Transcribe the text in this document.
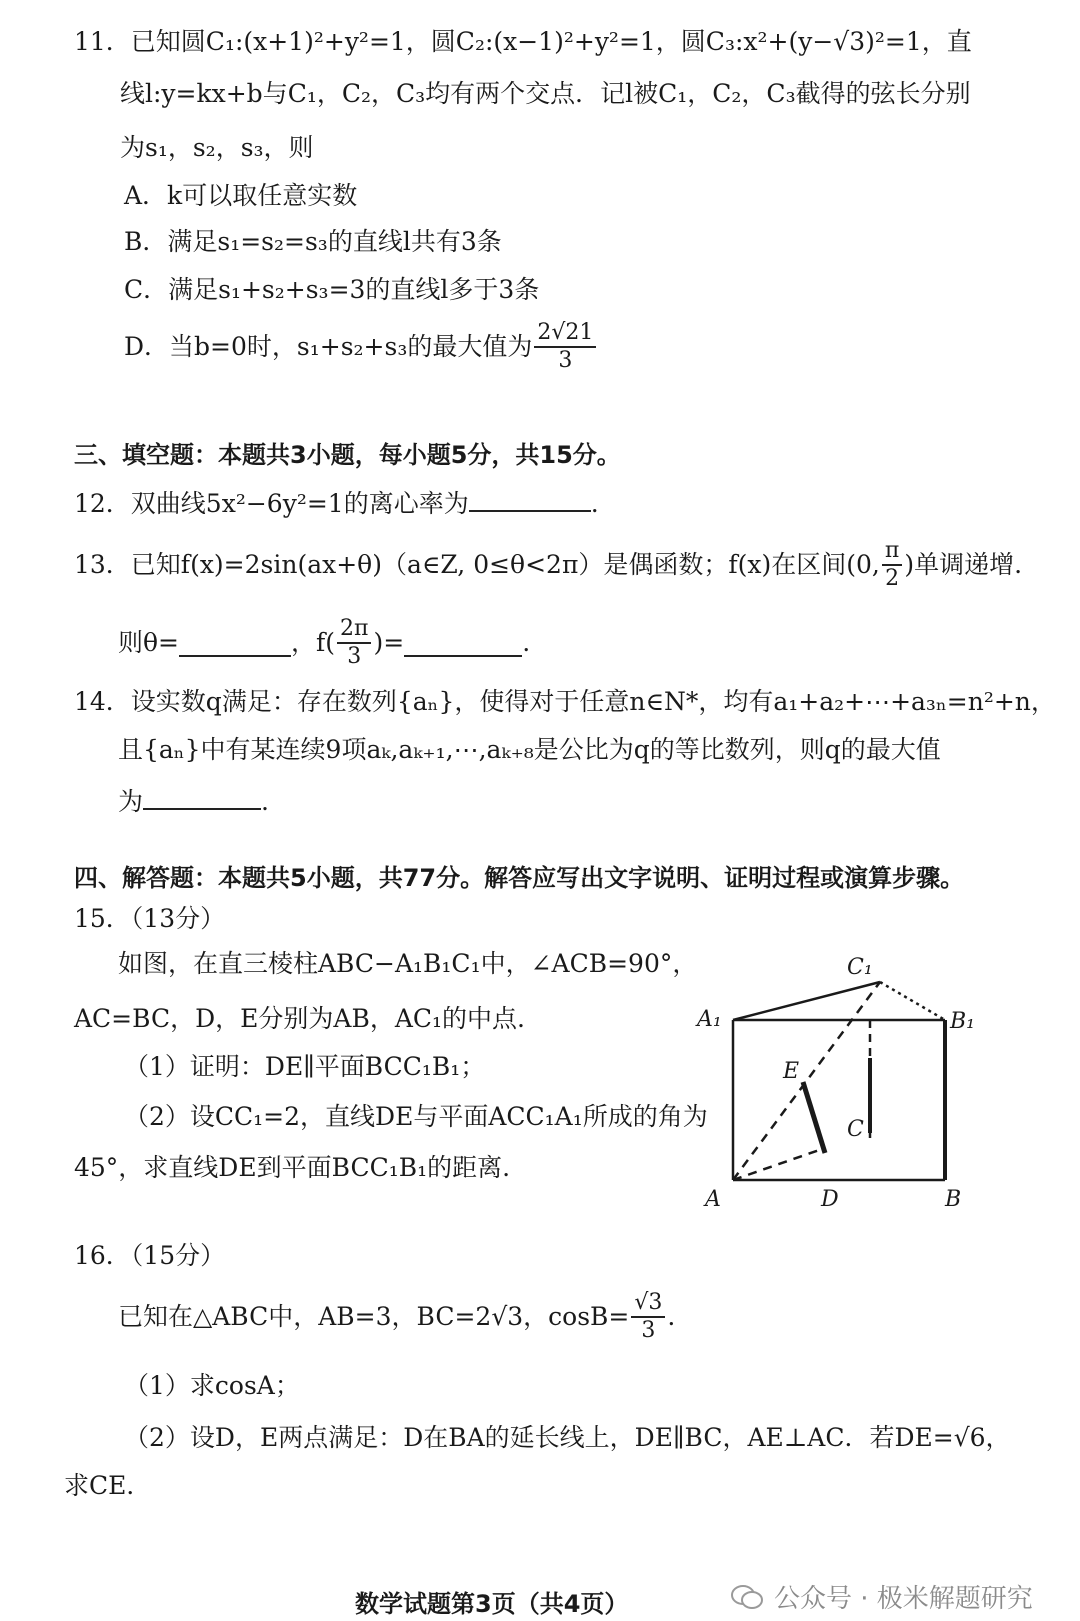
11．已知圆C₁:(x+1)²+y²=1，圆C₂:(x−1)²+y²=1，圆C₃:x²+(y−√3)²=1，直
线l:y=kx+b与C₁，C₂，C₃均有两个交点．记l被C₁，C₂，C₃截得的弦长分别
为s₁，s₂，s₃，则
A．k可以取任意实数
B．满足s₁=s₂=s₃的直线l共有3条
C．满足s₁+s₂+s₃=3的直线l多于3条
D．当b=0时，s₁+s₂+s₃的最大值为 $\frac{2√21}{3}$
三、填空题：本题共3小题，每小题5分，共15分。
12．双曲线5x²−6y²=1的离心率为	.
13．已知f(x)=2sin(ax+θ)（a∈Z, 0≤θ<2π）是偶函数；f(x)在区间(0, $\frac{\pi}{2}$ )单调递增.
则θ=	，$f( \frac{2\pi}{3}$ )=	.
14．设实数q满足：存在数列{aₙ}，使得对于任意n∈N*，均有a₁+a₂+⋯+a₃ₙ=n²+n，
且{aₙ}中有某连续9项aₖ,aₖ₊₁,⋯,aₖ₊₈是公比为q的等比数列，则q的最大值
为	.
四、解答题：本题共5小题，共77分。解答应写出文字说明、证明过程或演算步骤。
15．（13分）
如图，在直三棱柱ABC−A₁B₁C₁中，∠ACB=90°，
AC=BC，D，E分别为AB，AC₁的中点.
（1）证明：DE∥平面BCC₁B₁；
（2）设CC₁=2，直线DE与平面ACC₁A₁所成的角为
45°，求直线DE到平面BCC₁B₁的距离.
C₁
A₁	B₁
E
C
A	D	B
16．（15分）
已知在△ABC中，AB=3，BC=2√3，$\cos B= \frac{√3}{3}$ .
（1）求cosA；
（2）设D，E两点满足：D在BA的延长线上，DE∥BC，AE⊥AC．若DE=√6，
求CE．
数学试题第3页（共4页）	公众号 · 极米解题研究
